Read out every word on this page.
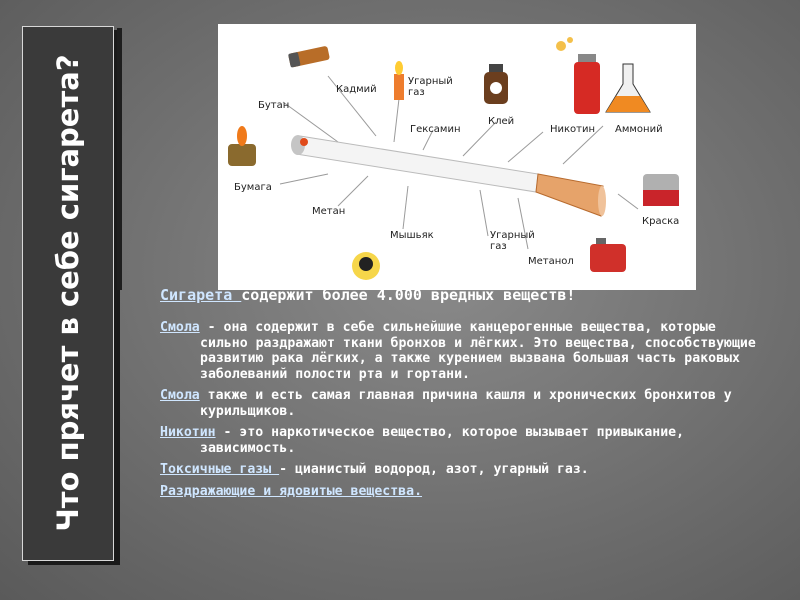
Что прячет в себе сигарета?	Кадмий
Угарный газ
Бутан
Гексамин
Клей
Никотин Аммоний
Бумага
Метан
Мышьяк	Угарный газ
Метанол
Краска

Сигарета содержит более 4.000 вредных веществ!

Смола - она содержит в себе сильнейшие канцерогенные вещества, которые сильно раздражают ткани бронхов и лёгких. Это вещества, способствующие развитию рака лёгких, а также курением вызвана большая часть раковых заболеваний полости рта и гортани.

Смола также и есть самая главная причина кашля и хронических бронхитов у курильщиков.

Никотин - это наркотическое вещество, которое вызывает привыкание, зависимость.

Токсичные газы - цианистый водород, азот, угарный газ.

Раздражающие и ядовитые вещества.
